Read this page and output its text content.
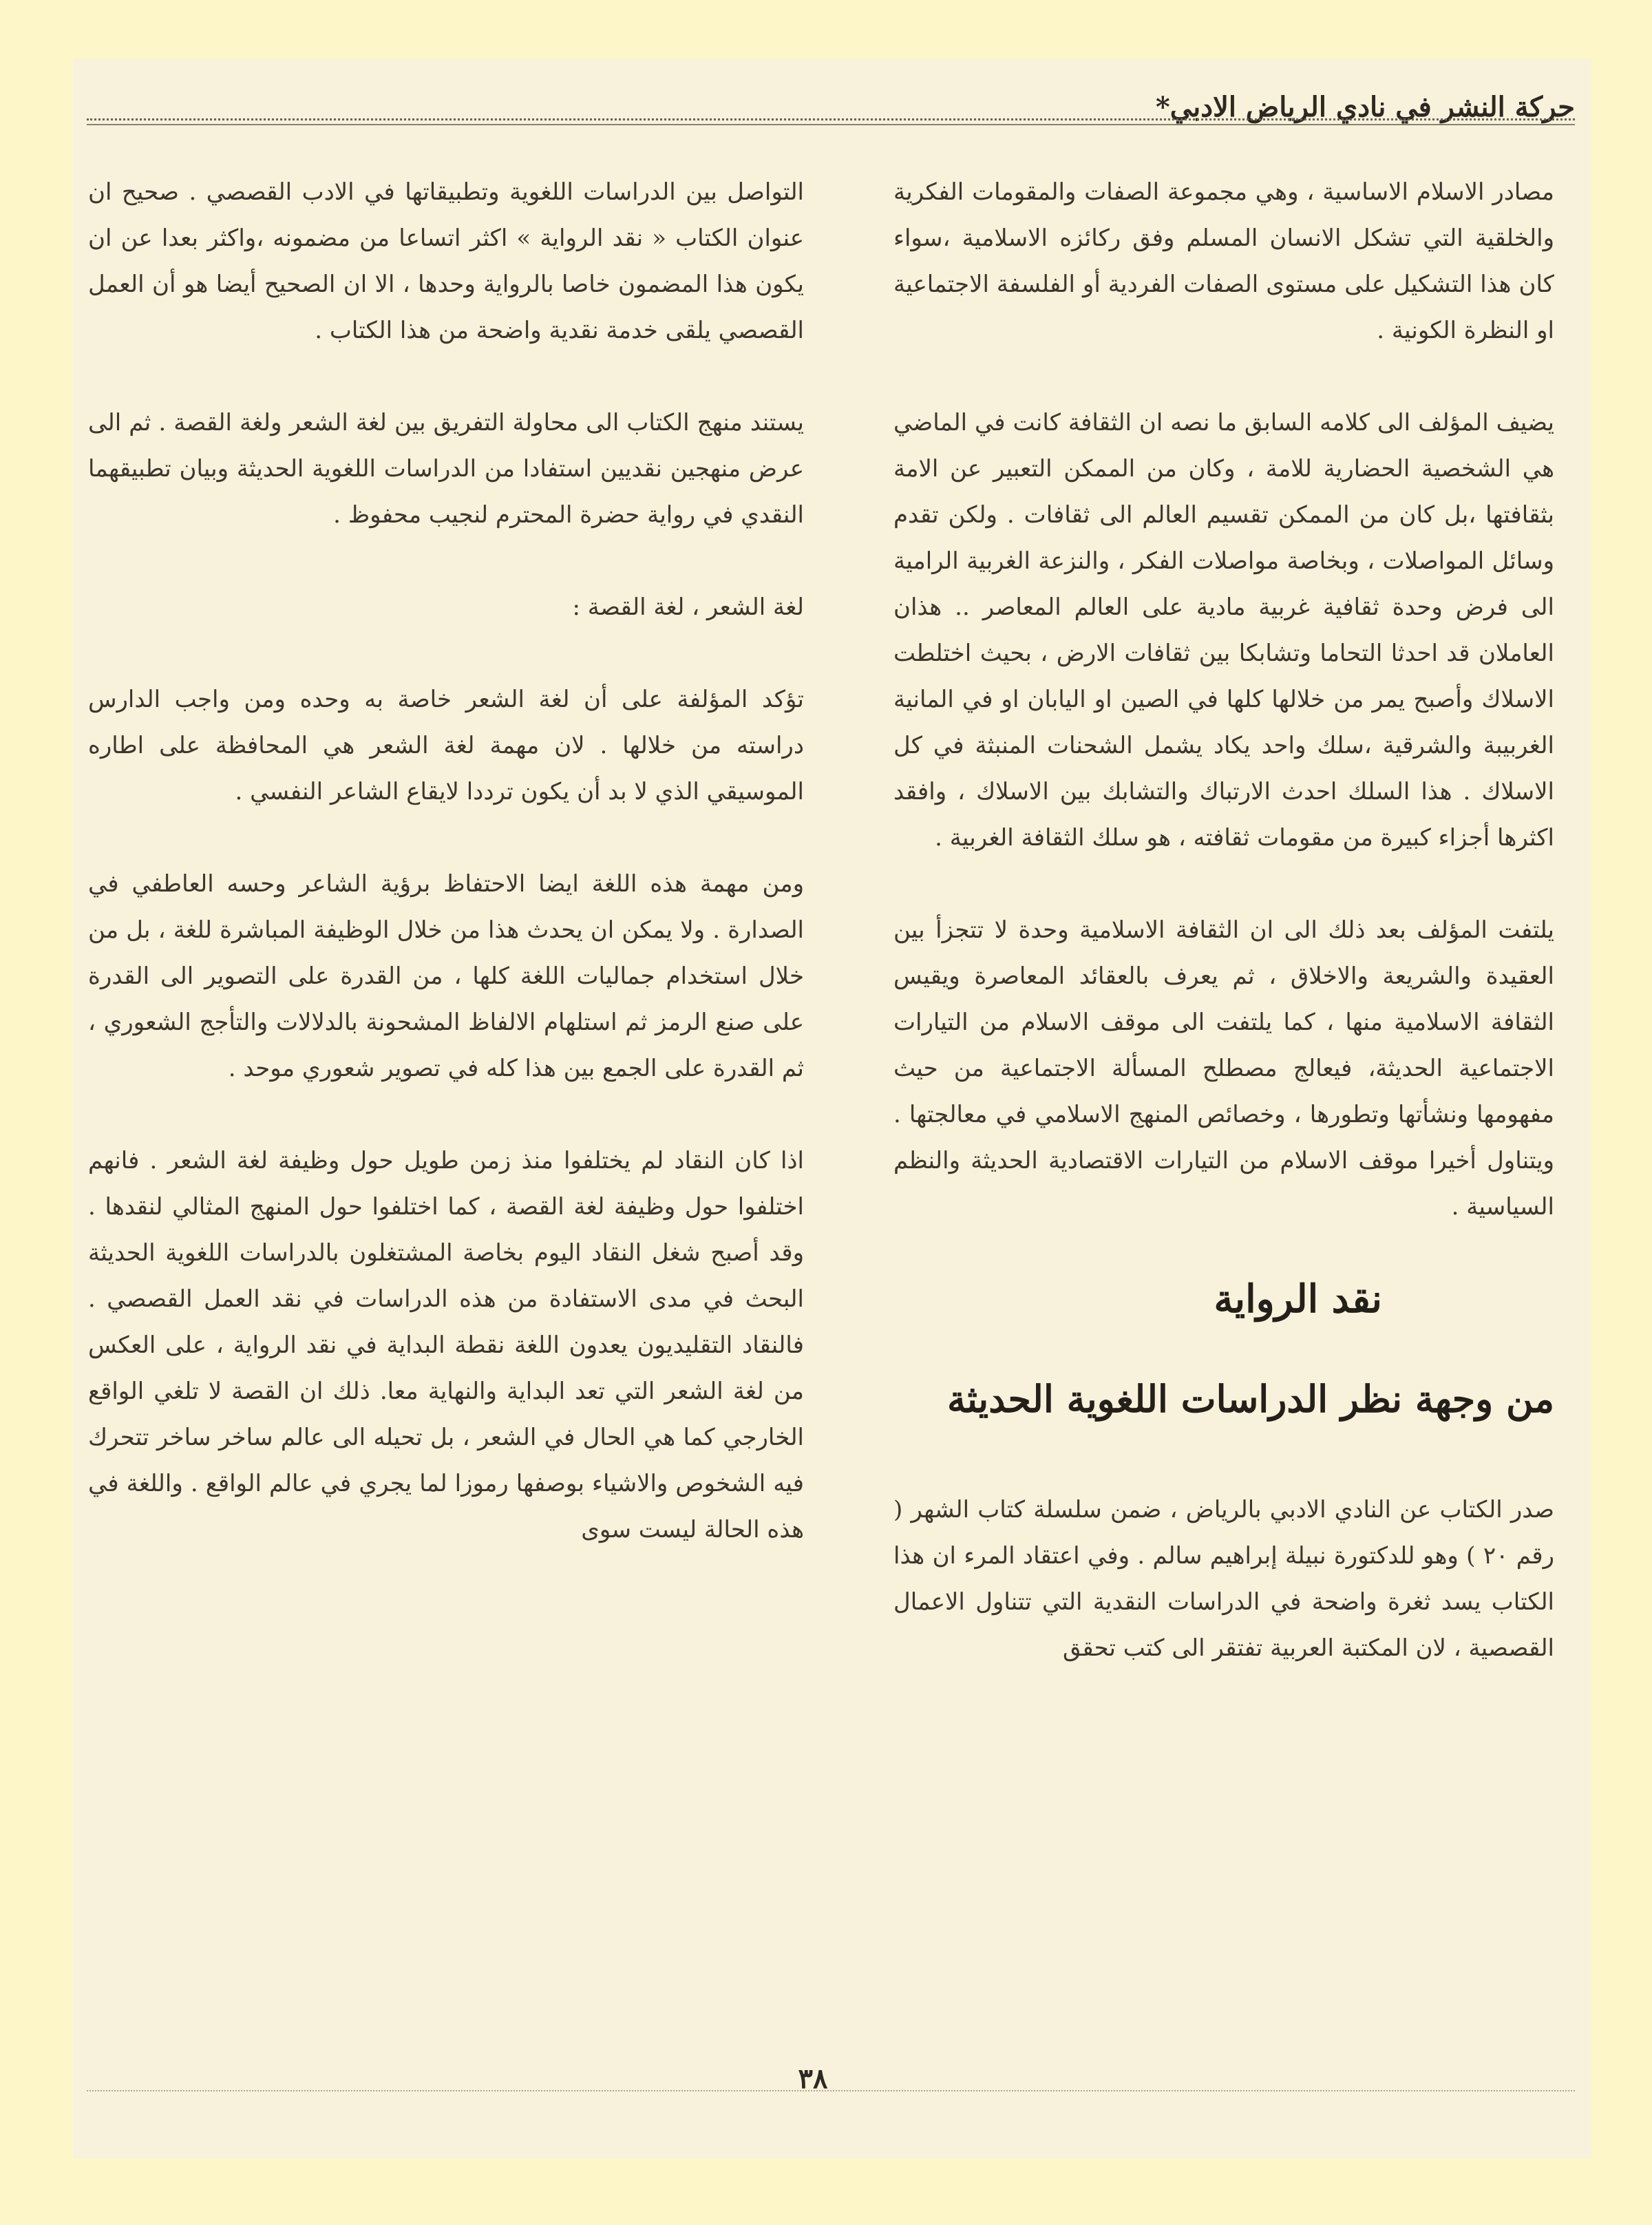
حركة النشر في نادي الرياض الادبي*

مصادر الاسلام الاساسية ، وهي مجموعة الصفات والمقومات الفكرية والخلقية التي تشكل الانسان المسلم وفق ركائزه الاسلامية ،سواء كان هذا التشكيل على مستوى الصفات الفردية أو الفلسفة الاجتماعية او النظرة الكونية .

يضيف المؤلف الى كلامه السابق ما نصه ان الثقافة كانت في الماضي هي الشخصية الحضارية للامة ، وكان من الممكن التعبير عن الامة بثقافتها ،بل كان من الممكن تقسيم العالم الى ثقافات . ولكن تقدم وسائل المواصلات ، وبخاصة مواصلات الفكر ، والنزعة الغربية الرامية الى فرض وحدة ثقافية غربية مادية على العالم المعاصر .. هذان العاملان قد احدثا التحاما وتشابكا بين ثقافات الارض ، بحيث اختلطت الاسلاك وأصبح يمر من خلالها كلها في الصين او اليابان او في المانية الغربيبة والشرقية ،سلك واحد يكاد يشمل الشحنات المنبثة في كل الاسلاك . هذا السلك احدث الارتباك والتشابك بين الاسلاك ، وافقد اكثرها أجزاء كبيرة من مقومات ثقافته ، هو سلك الثقافة الغربية .

يلتفت المؤلف بعد ذلك الى ان الثقافة الاسلامية وحدة لا تتجزأ بين العقيدة والشريعة والاخلاق ، ثم يعرف بالعقائد المعاصرة ويقيس الثقافة الاسلامية منها ، كما يلتفت الى موقف الاسلام من التيارات الاجتماعية الحديثة، فيعالج مصطلح المسألة الاجتماعية من حيث مفهومها ونشأتها وتطورها ، وخصائص المنهج الاسلامي في معالجتها . ويتناول أخيرا موقف الاسلام من التيارات الاقتصادية الحديثة والنظم السياسية .

نقد الرواية
من وجهة نظر الدراسات اللغوية الحديثة

صدر الكتاب عن النادي الادبي بالرياض ، ضمن سلسلة كتاب الشهر ( رقم ٢٠ ) وهو للدكتورة نبيلة إبراهيم سالم . وفي اعتقاد المرء ان هذا الكتاب يسد ثغرة واضحة في الدراسات النقدية التي تتناول الاعمال القصصية ، لان المكتبة العربية تفتقر الى كتب تحقق

التواصل بين الدراسات اللغوية وتطبيقاتها في الادب القصصي . صحيح ان عنوان الكتاب « نقد الرواية » اكثر اتساعا من مضمونه ،واكثر بعدا عن ان يكون هذا المضمون خاصا بالرواية وحدها ، الا ان الصحيح أيضا هو أن العمل القصصي يلقى خدمة نقدية واضحة من هذا الكتاب .

يستند منهج الكتاب الى محاولة التفريق بين لغة الشعر ولغة القصة . ثم الى عرض منهجين نقديين استفادا من الدراسات اللغوية الحديثة وبيان تطبيقهما النقدي في رواية حضرة المحترم لنجيب محفوظ .

لغة الشعر ، لغة القصة :

تؤكد المؤلفة على أن لغة الشعر خاصة به وحده ومن واجب الدارس دراسته من خلالها . لان مهمة لغة الشعر هي المحافظة على اطاره الموسيقي الذي لا بد أن يكون ترددا لايقاع الشاعر النفسي .

ومن مهمة هذه اللغة ايضا الاحتفاظ برؤية الشاعر وحسه العاطفي في الصدارة . ولا يمكن ان يحدث هذا من خلال الوظيفة المباشرة للغة ، بل من خلال استخدام جماليات اللغة كلها ، من القدرة على التصوير الى القدرة على صنع الرمز ثم استلهام الالفاظ المشحونة بالدلالات والتأجج الشعوري ، ثم القدرة على الجمع بين هذا كله في تصوير شعوري موحد .

اذا كان النقاد لم يختلفوا منذ زمن طويل حول وظيفة لغة الشعر . فانهم اختلفوا حول وظيفة لغة القصة ، كما اختلفوا حول المنهج المثالي لنقدها . وقد أصبح شغل النقاد اليوم بخاصة المشتغلون بالدراسات اللغوية الحديثة البحث في مدى الاستفادة من هذه الدراسات في نقد العمل القصصي . فالنقاد التقليديون يعدون اللغة نقطة البداية في نقد الرواية ، على العكس من لغة الشعر التي تعد البداية والنهاية معا. ذلك ان القصة لا تلغي الواقع الخارجي كما هي الحال في الشعر ، بل تحيله الى عالم ساخر ساخر تتحرك فيه الشخوص والاشياء بوصفها رموزا لما يجري في عالم الواقع . واللغة في هذه الحالة ليست سوى

٣٨
